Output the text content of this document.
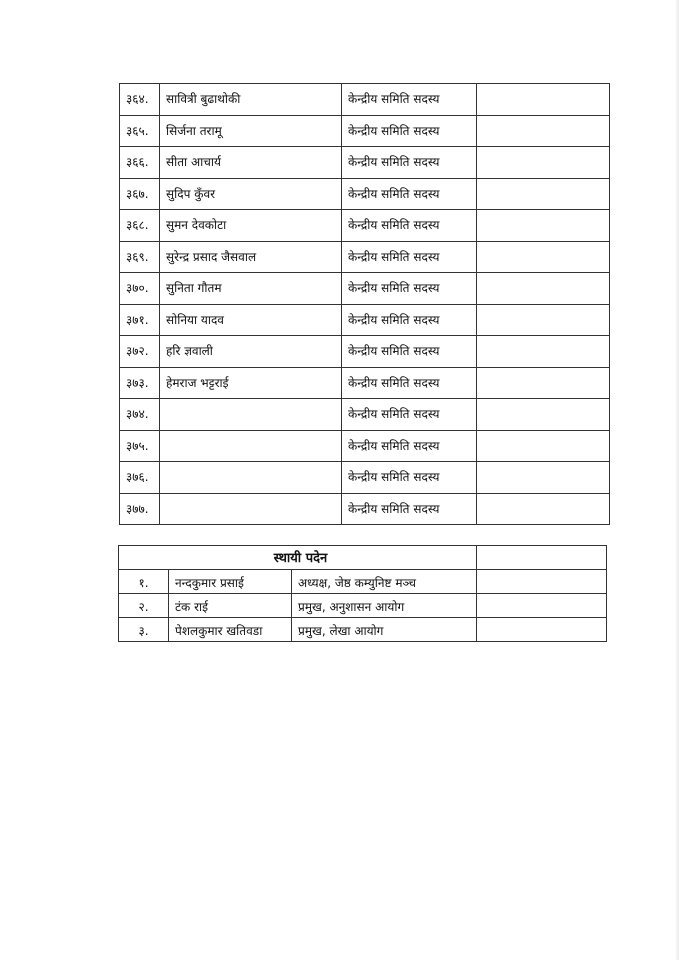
३६४.	सावित्री बुढाथोकी	केन्द्रीय समिति सदस्य	
३६५.	सिर्जना तरामू	केन्द्रीय समिति सदस्य	
३६६.	सीता आचार्य	केन्द्रीय समिति सदस्य	
३६७.	सुदिप कुँवर	केन्द्रीय समिति सदस्य	
३६८.	सुमन देवकोटा	केन्द्रीय समिति सदस्य	
३६९.	सुरेन्द्र प्रसाद जैसवाल	केन्द्रीय समिति सदस्य	
३७०.	सुनिता गौतम	केन्द्रीय समिति सदस्य	
३७१.	सोनिया यादव	केन्द्रीय समिति सदस्य	
३७२.	हरि ज्ञवाली	केन्द्रीय समिति सदस्य	
३७३.	हेमराज भट्टराई	केन्द्रीय समिति सदस्य	
३७४.		केन्द्रीय समिति सदस्य	
३७५.		केन्द्रीय समिति सदस्य	
३७६.		केन्द्रीय समिति सदस्य	
३७७.		केन्द्रीय समिति सदस्य	
स्थायी पदेन			
१.	नन्दकुमार प्रसाई	अध्यक्ष, जेष्ठ कम्युनिष्ट मञ्च	
२.	टंक राई	प्रमुख, अनुशासन आयोग	
३.	पेशलकुमार खतिवडा	प्रमुख, लेखा आयोग	
